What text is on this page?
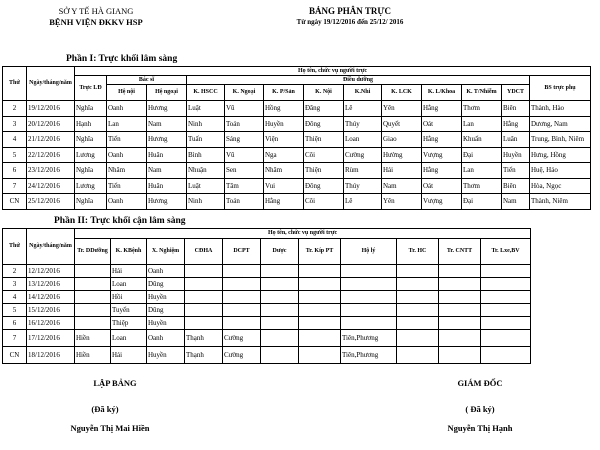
SỞ Y TẾ HÀ GIANG
BỆNH VIỆN ĐKKV HSP
BẢNG PHÂN TRỰC
Từ ngày 19/12/2016 đến 25/12/ 2016
Phần I: Trực khối lâm sàng
Thứ	Ngày/tháng/năm	Họ tên, chức vụ người trực												
		Trực LĐ	Bác sĩ		Điều dưỡng									BS trực phụ
			Hệ nội	Hệ ngoại	K. HSCC	K. Ngoại	K. P/Sản	K. Nội	K.Nhi	K. LCK	K. L/Khoa	K. T/Nhiễm	YDCT	
2	19/12/2016	Nghĩa	Oanh	Hương	Luật	Vũ	Hồng	Đăng	Lê	Yên	Hằng	Thơm	Biên	Thành, Hào
3	20/12/2016	Hạnh	Lan	Nam	Ninh	Toán	Huyền	Đông	Thúy	Quyết	Oát	Lan	Hằng	Dương, Nam
4	21/12/2016	Nghĩa	Tiến	Hương	Tuấn	Sáng	Viện	Thiện	Loan	Giao	Hằng	Khuấn	Luân	Trung, Bình, Niêm
5	22/12/2016	Lương	Oanh	Huân	Bình	Vũ	Nga	Côi	Cường	Hường	Vượng	Đại	Huyền	Hưng, Hồng
6	23/12/2016	Nghĩa	Nhâm	Nam	Nhuận	Sen	Nhâm	Thiện	Rùm	Hải	Hằng	Lan	Tiến	Huệ, Hảo
7	24/12/2016	Lương	Tiến	Huân	Luật	Tâm	Vui	Đông	Thúy	Nam	Oát	Thơm	Biên	Hòa, Ngọc
CN	25/12/2016	Nghĩa	Oanh	Hương	Ninh	Toán	Hằng	Côi	Lê	Yên	Vượng	Đại	Nam	Thành, Niêm
Phần II: Trực khối cận lâm sàng
Thứ	Ngày/tháng/năm	Họ tên, chức vụ người trực										
		Tr. DDưỡng	K. KBệnh	X. Nghiệm	CĐHA	DCPT	Dược	Tr. Kíp PT	Hộ lý	Tr. HC	Tr. CNTT	Tr. Lxe,BV
2	12/12/2016		Hải	Oanh								
3	13/12/2016		Loan	Dũng								
4	14/12/2016		Hồi	Huyền								
5	15/12/2016		Tuyến	Dũng								
6	16/12/2016		Thiệp	Huyền								
7	17/12/2016	Hiền	Loan	Oanh	Thạnh	Cường			Tiên,Phương			
CN	18/12/2016	Hiền	Hải	Huyền	Thạnh	Cường			Tiên,Phương			
LẬP BẢNG
(Đã ký)
Nguyễn Thị Mai Hiền
GIÁM ĐỐC
( Đã ký)
Nguyễn Thị Hạnh
